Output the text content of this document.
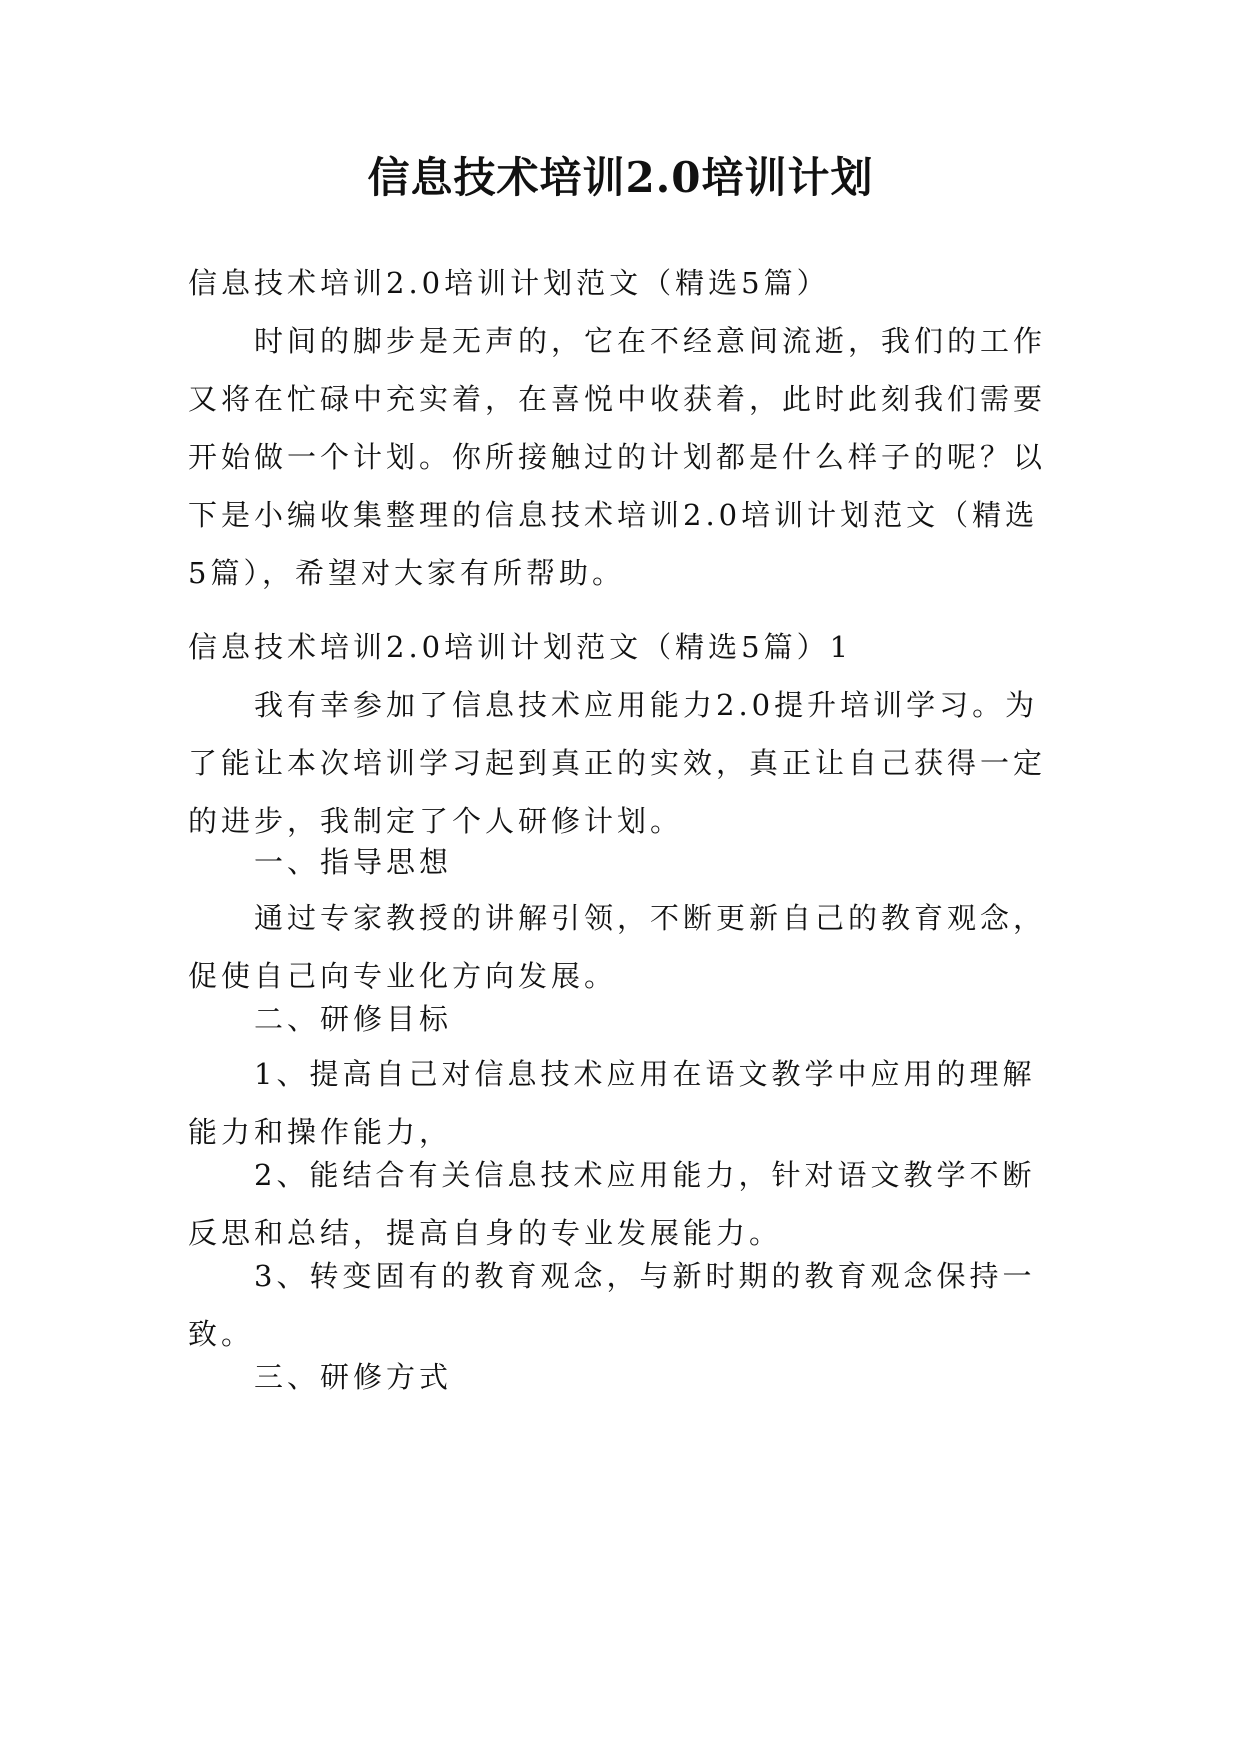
信息技术培训2.0培训计划

信息技术培训2.0培训计划范文（精选5篇）

时间的脚步是无声的，它在不经意间流逝，我们的工作又将在忙碌中充实着，在喜悦中收获着，此时此刻我们需要开始做一个计划。你所接触过的计划都是什么样子的呢？以下是小编收集整理的信息技术培训2.0培训计划范文（精选5篇），希望对大家有所帮助。

信息技术培训2.0培训计划范文（精选5篇）1

我有幸参加了信息技术应用能力2.0提升培训学习。为了能让本次培训学习起到真正的实效，真正让自己获得一定的进步，我制定了个人研修计划。

一、指导思想

通过专家教授的讲解引领，不断更新自己的教育观念，促使自己向专业化方向发展。

二、研修目标

1、提高自己对信息技术应用在语文教学中应用的理解能力和操作能力，

2、能结合有关信息技术应用能力，针对语文教学不断反思和总结，提高自身的专业发展能力。

3、转变固有的教育观念，与新时期的教育观念保持一致。

三、研修方式
